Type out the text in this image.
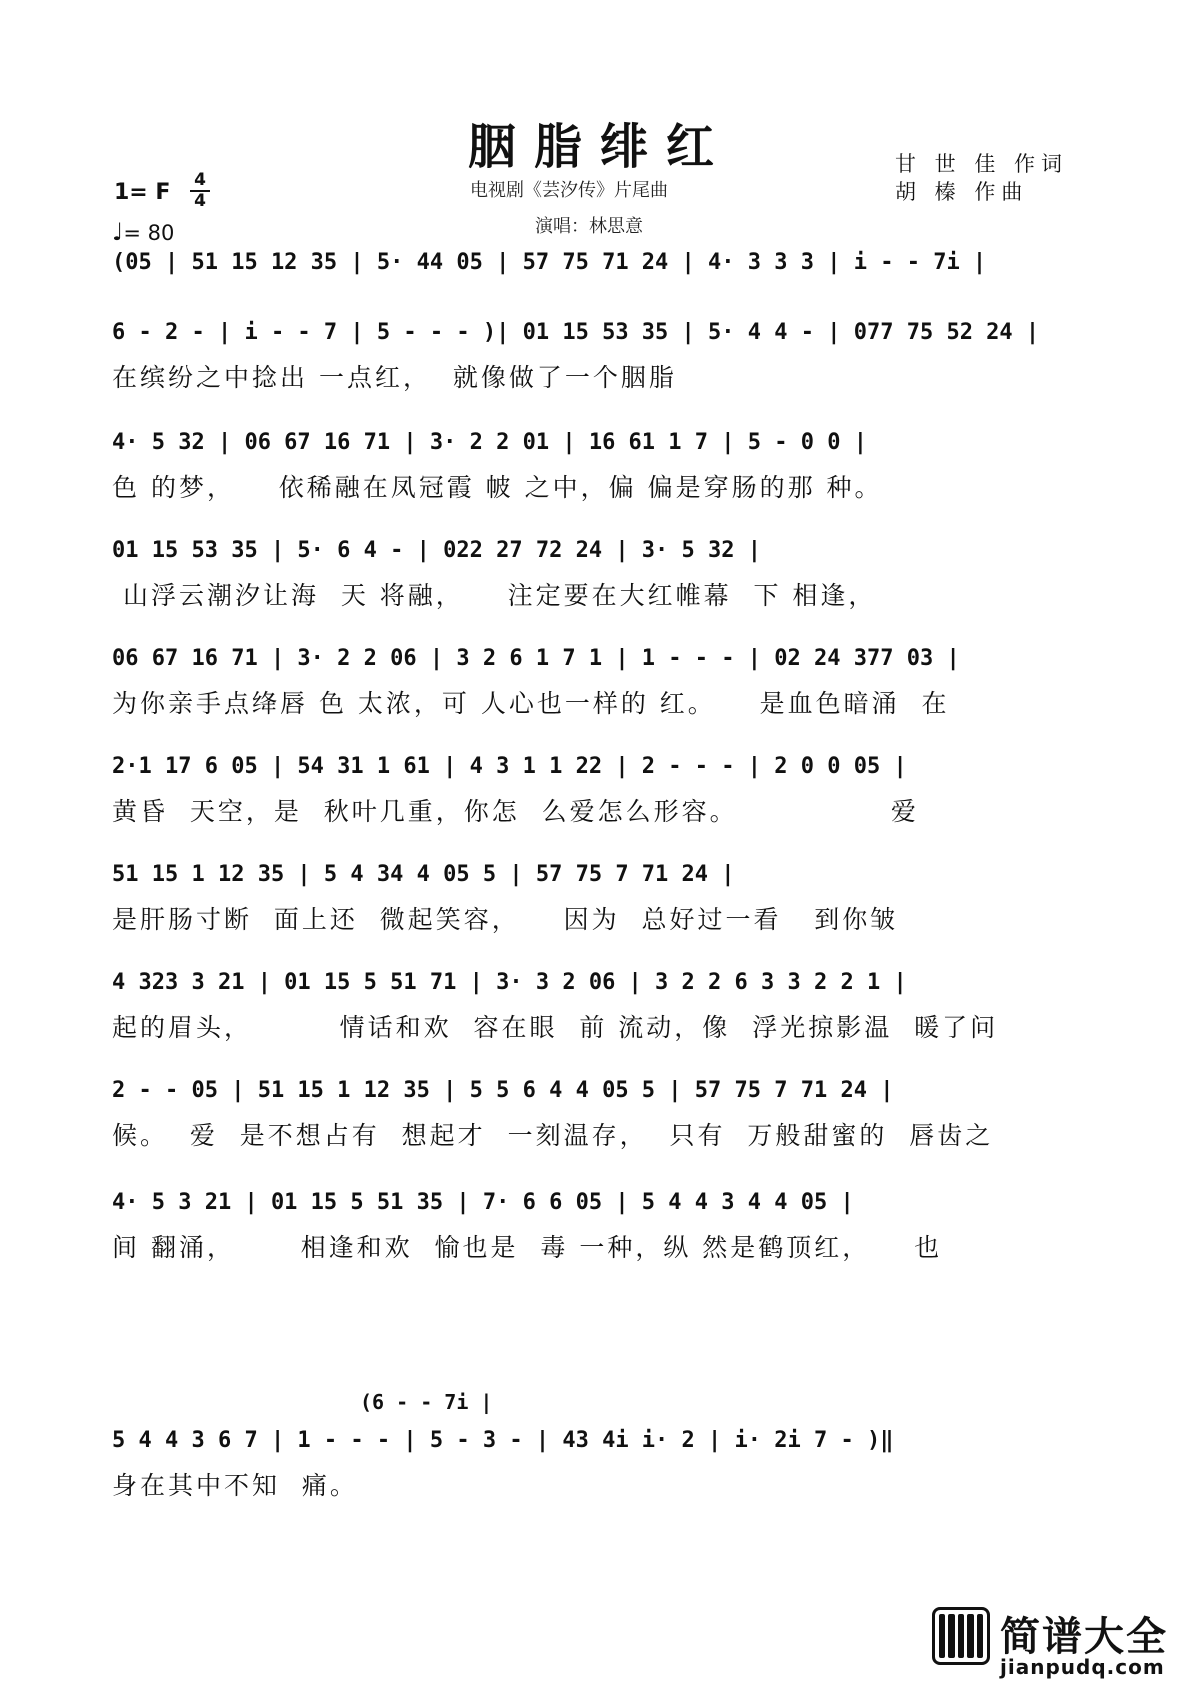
胭脂绯红
电视剧《芸汐传》片尾曲
演唱：林思意
甘 世 佳 作词
胡 榛 作曲
1= F 4
4
♩= 80
(05 | 51 15 12 35 | 5· 44 05 | 57 75 71 24 | 4· 3 3 3 | i - - 7i |
6 - 2 - | i - - 7 | 5 - - - )| 01 15 53 35 | 5· 4 4 - | 077 75 52 24 |
在缤纷之中捻出 一点红，  就像做了一个胭脂
4· 5 32 | 06 67 16 71 | 3· 2 2 01 | 16 61 1 7 | 5 - 0 0 |
色 的梦，    依稀融在凤冠霞 帔 之中，偏 偏是穿肠的那 种。
01 15 53 35 | 5· 6 4 - | 022 27 72 24 | 3· 5 32 |
山浮云潮汐让海  天 将融，    注定要在大红帷幕  下 相逢，
06 67 16 71 | 3· 2 2 06 | 3 2 6 1 7 1 | 1 - - - | 02 24 377 03 |
为你亲手点绛唇 色 太浓，可 人心也一样的 红。    是血色暗涌  在
2·1 17 6 05 | 54 31 1 61 | 4 3 1 1 22 | 2 - - - | 2 0 0 05 |
黄昏  天空，是  秋叶几重，你怎  么爱怎么形容。              爱
51 15 1 12 35 | 5 4 34 4 05 5 | 57 75 7 71 24 |
是肝肠寸断  面上还  微起笑容，    因为  总好过一看   到你皱
4 323 3 21 | 01 15 5 51 71 | 3· 3 2 06 | 3 2 2 6 3 3 2 2 1 |
起的眉头，        情话和欢  容在眼  前 流动，像  浮光掠影温  暖了问
2 - - 05 | 51 15 1 12 35 | 5 5 6 4 4 05 5 | 57 75 7 71 24 |
候。  爱  是不想占有  想起才  一刻温存，  只有  万般甜蜜的  唇齿之
4· 5 3 21 | 01 15 5 51 35 | 7· 6 6 05 | 5 4 4 3 4 4 05 |
间 翻涌，      相逢和欢  愉也是  毒 一种，纵 然是鹤顶红，    也
5 4 4 3 6 7 | 1 - - - | 5 - 3 - | 43 4i i· 2 | i· 2i 7 - )‖
身在其中不知  痛。
(6 - - 7i |
简谱大全
jianpudq.com
